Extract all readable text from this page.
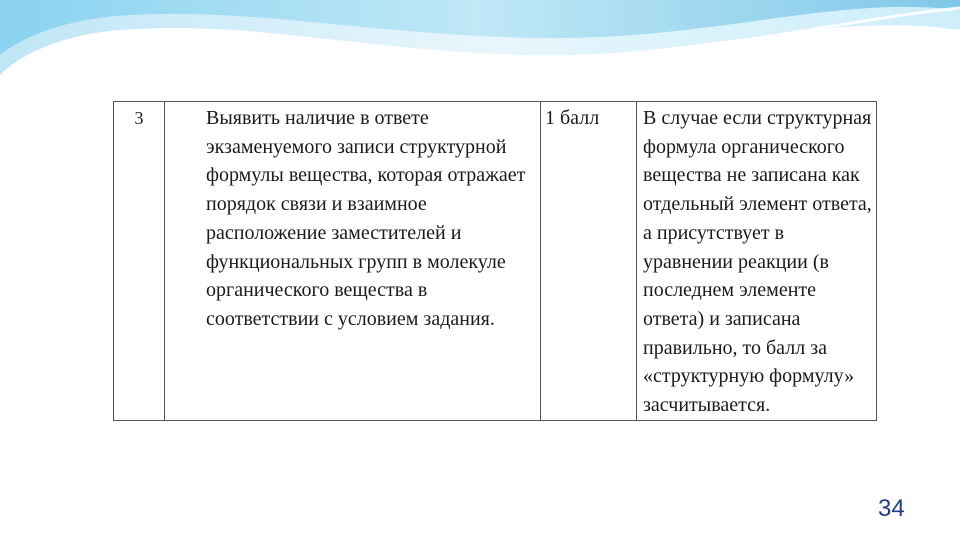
3	Выявить наличие в ответе экзаменуемого записи структурной формулы вещества, которая отражает порядок связи и взаимное расположение заместителей и функциональных групп в молекуле органического вещества в соответствии с условием задания.	1 балл	В случае если структурная формула органического вещества не записана как отдельный элемент ответа, а присутствует в уравнении реакции (в последнем элементе ответа) и записана правильно, то балл за «структурную формулу» засчитывается.
34
